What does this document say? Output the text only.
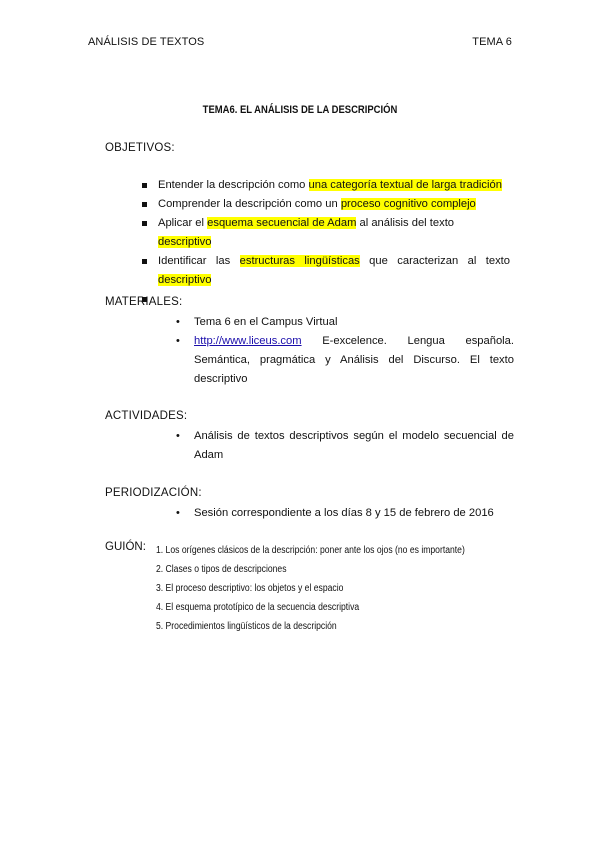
ANÁLISIS DE TEXTOS	TEMA 6
TEMA6. EL ANÁLISIS DE LA DESCRIPCIÓN
OBJETIVOS:
Entender la descripción como una categoría textual de larga tradición
Comprender la descripción como un proceso cognitivo complejo
Aplicar el esquema secuencial de Adam al análisis del texto descriptivo
Identificar las estructuras lingüísticas que caracterizan al texto
descriptivo
MATERIALES:
• Tema 6 en el Campus Virtual
• http://www.liceus.com E-excelence. Lengua española. Semántica, pragmática y Análisis del Discurso. El texto descriptivo
ACTIVIDADES:
• Análisis de textos descriptivos según el modelo secuencial de Adam
PERIODIZACIÓN:
• Sesión correspondiente a los días 8 y 15 de febrero de 2016
GUIÓN: 1. Los orígenes clásicos de la descripción: poner ante los ojos (no es importante)
2. Clases o tipos de descripciones
3. El proceso descriptivo: los objetos y el espacio
4. El esquema prototípico de la secuencia descriptiva
5. Procedimientos lingüísticos de la descripción
